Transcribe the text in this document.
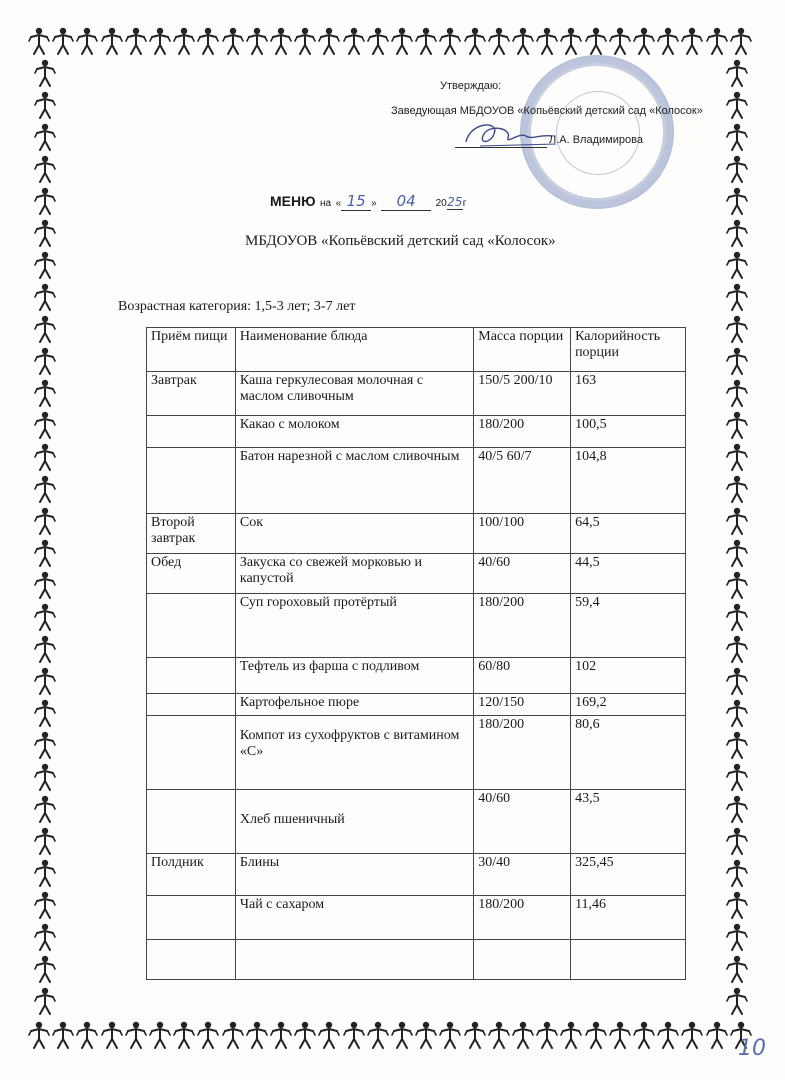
Утверждаю:
Заведующая МБДОУОВ «Копьёвский детский сад «Колосок»
Л.А. Владимирова
МЕНЮ на « 15 » 04 2025г
МБДОУОВ «Копьёвский детский сад «Колосок»
Возрастная категория: 1,5-3 лет; 3-7 лет
Приём пищи	Наименование блюда	Масса порции	Калорийность порции
Завтрак	Каша геркулесовая молочная с маслом сливочным	150/5 200/10	163
	Какао с молоком	180/200	100,5
	Батон нарезной с маслом сливочным	40/5 60/7	104,8
Второй завтрак	Сок	100/100	64,5
Обед	Закуска со свежей морковью и капустой	40/60	44,5
	Суп гороховый протёртый	180/200	59,4
	Тефтель из фарша с подливом	60/80	102
	Картофельное пюре	120/150	169,2
	Компот из сухофруктов с витамином «С»	180/200	80,6
	Хлеб пшеничный	40/60	43,5
Полдник	Блины	30/40	325,45
	Чай с сахаром	180/200	11,46

10
